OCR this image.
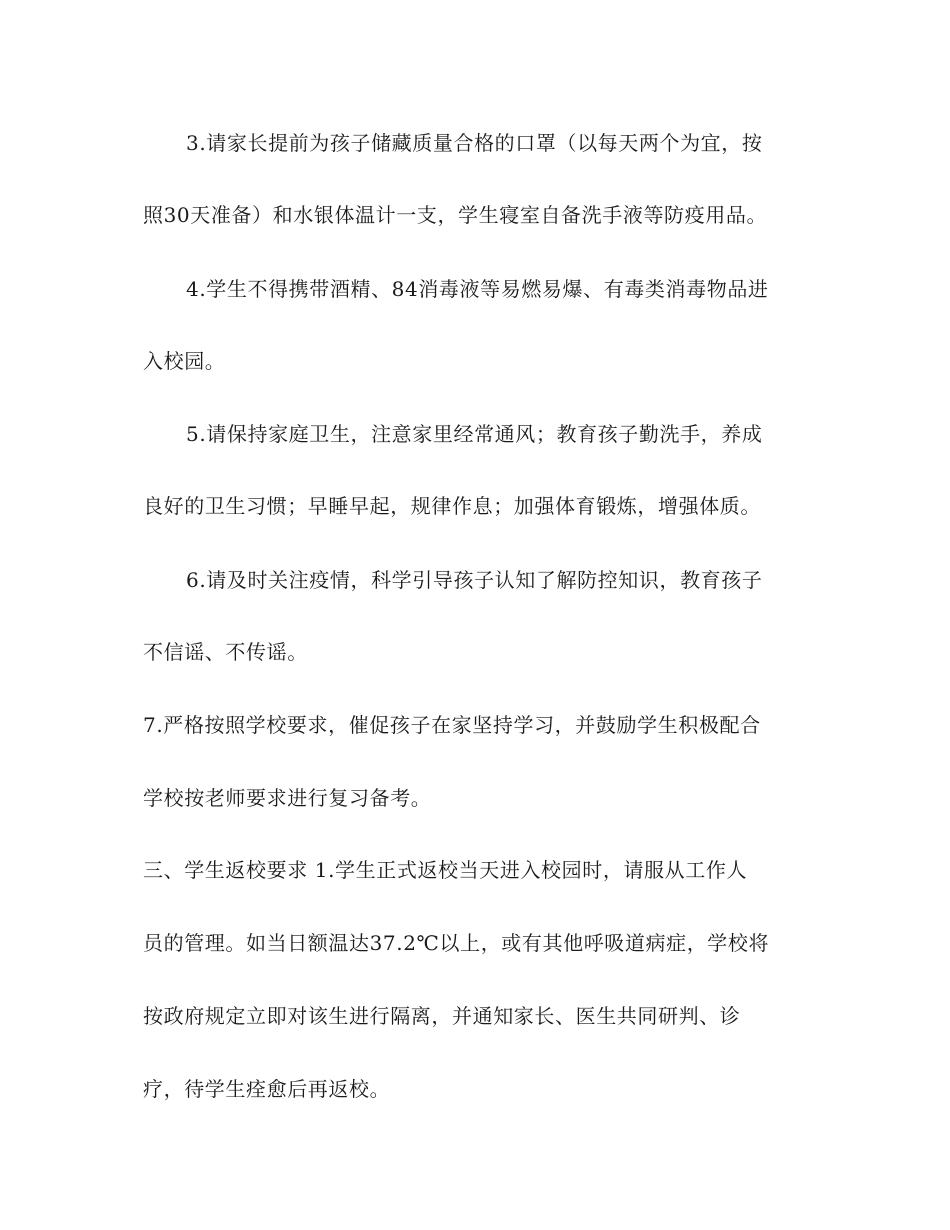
3.请家长提前为孩子储藏质量合格的口罩（以每天两个为宜，按
照30天准备）和水银体温计一支，学生寝室自备洗手液等防疫用品。
4.学生不得携带酒精、84消毒液等易燃易爆、有毒类消毒物品进
入校园。
5.请保持家庭卫生，注意家里经常通风；教育孩子勤洗手，养成
良好的卫生习惯；早睡早起，规律作息；加强体育锻炼，增强体质。
6.请及时关注疫情，科学引导孩子认知了解防控知识，教育孩子
不信谣、不传谣。
7.严格按照学校要求，催促孩子在家坚持学习，并鼓励学生积极配合
学校按老师要求进行复习备考。
三、学生返校要求 1.学生正式返校当天进入校园时，请服从工作人
员的管理。如当日额温达37.2℃以上，或有其他呼吸道病症，学校将
按政府规定立即对该生进行隔离，并通知家长、医生共同研判、诊
疗，待学生痊愈后再返校。
